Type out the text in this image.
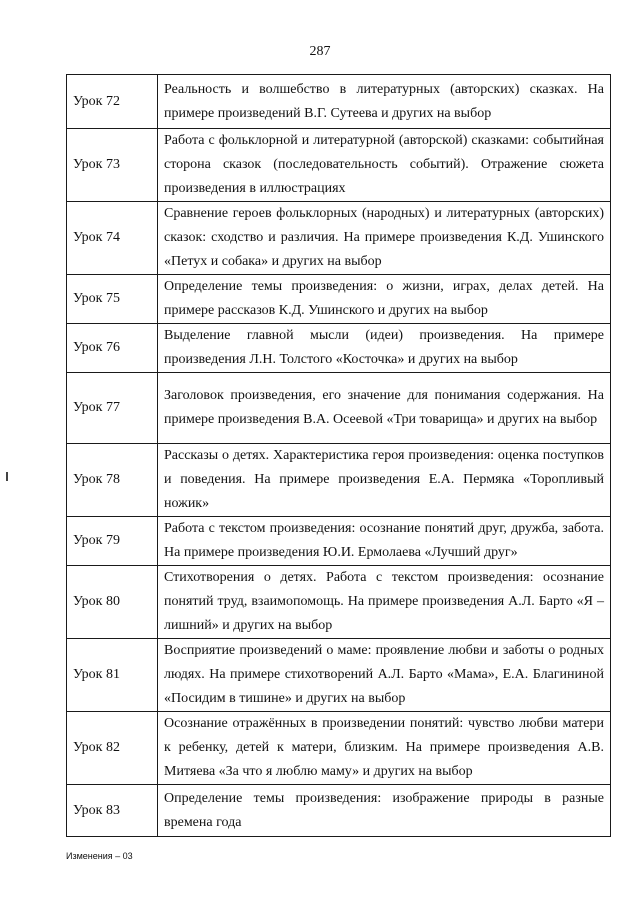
287
Урок 72	Реальность и волшебство в литературных (авторских) сказках. На примере произведений В.Г. Сутеева и других на выбор
Урок 73	Работа с фольклорной и литературной (авторской) сказками: событийная сторона сказок (последовательность событий). Отражение сюжета произведения в иллюстрациях
Урок 74	Сравнение героев фольклорных (народных) и литературных (авторских) сказок: сходство и различия. На примере произведения К.Д. Ушинского «Петух и собака» и других на выбор
Урок 75	Определение темы произведения: о жизни, играх, делах детей. На примере рассказов К.Д. Ушинского и других на выбор
Урок 76	Выделение главной мысли (идеи) произведения. На примере произведения Л.Н. Толстого «Косточка» и других на выбор
Урок 77	Заголовок произведения, его значение для понимания содержания. На примере произведения В.А. Осеевой «Три товарища» и других на выбор
Урок 78	Рассказы о детях. Характеристика героя произведения: оценка поступков и поведения. На примере произведения Е.А. Пермяка «Торопливый ножик»
Урок 79	Работа с текстом произведения: осознание понятий друг, дружба, забота. На примере произведения Ю.И. Ермолаева «Лучший друг»
Урок 80	Стихотворения о детях. Работа с текстом произведения: осознание понятий труд, взаимопомощь. На примере произведения А.Л. Барто «Я – лишний» и других на выбор
Урок 81	Восприятие произведений о маме: проявление любви и заботы о родных людях. На примере стихотворений А.Л. Барто «Мама», Е.А. Благининой «Посидим в тишине» и других на выбор
Урок 82	Осознание отражённых в произведении понятий: чувство любви матери к ребенку, детей к матери, близким. На примере произведения А.В. Митяева «За что я люблю маму» и других на выбор
Урок 83	Определение темы произведения: изображение природы в разные времена года
Изменения – 03
